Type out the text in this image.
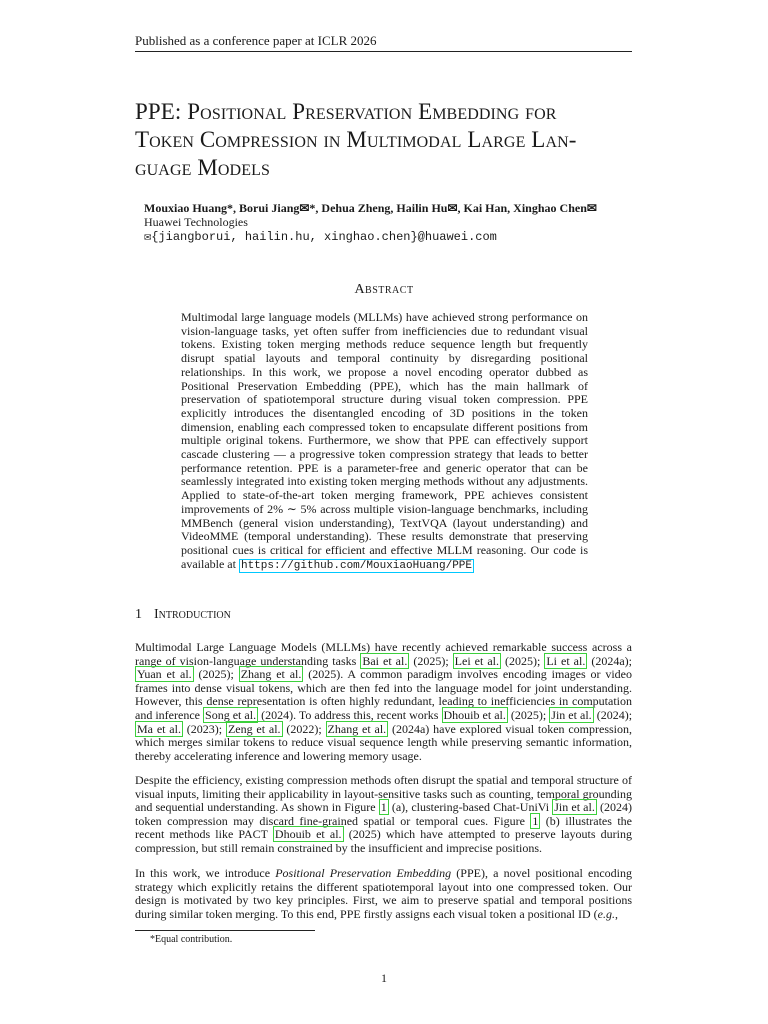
Published as a conference paper at ICLR 2026
PPE: Positional Preservation Embedding for
Token Compression in Multimodal Large Lan-
guage Models
Mouxiao Huang*, Borui Jiang✉*, Dehua Zheng, Hailin Hu✉, Kai Han, Xinghao Chen✉
Huawei Technologies
✉{jiangborui, hailin.hu, xinghao.chen}@huawei.com
Abstract
Multimodal large language models (MLLMs) have achieved strong performance on vision-language tasks, yet often suffer from inefficiencies due to redundant visual tokens. Existing token merging methods reduce sequence length but frequently disrupt spatial layouts and temporal continuity by disregarding positional relationships. In this work, we propose a novel encoding operator dubbed as Positional Preservation Embedding (PPE), which has the main hallmark of preservation of spatiotemporal structure during visual token compression. PPE explicitly introduces the disentangled encoding of 3D positions in the token dimension, enabling each compressed token to encapsulate different positions from multiple original tokens. Furthermore, we show that PPE can effectively support cascade clustering — a progressive token compression strategy that leads to better performance retention. PPE is a parameter-free and generic operator that can be seamlessly integrated into existing token merging methods without any adjustments. Applied to state-of-the-art token merging framework, PPE achieves consistent improvements of 2% ∼ 5% across multiple vision-language benchmarks, including MMBench (general vision understanding), TextVQA (layout understanding) and VideoMME (temporal understanding). These results demonstrate that preserving positional cues is critical for efficient and effective MLLM reasoning. Our code is available at https://github.com/MouxiaoHuang/PPE
1 Introduction
Multimodal Large Language Models (MLLMs) have recently achieved remarkable success across a range of vision-language understanding tasks Bai et al. (2025); Lei et al. (2025); Li et al. (2024a); Yuan et al. (2025); Zhang et al. (2025). A common paradigm involves encoding images or video frames into dense visual tokens, which are then fed into the language model for joint understanding. However, this dense representation is often highly redundant, leading to inefficiencies in computation and inference Song et al. (2024). To address this, recent works Dhouib et al. (2025); Jin et al. (2024); Ma et al. (2023); Zeng et al. (2022); Zhang et al. (2024a) have explored visual token compression, which merges similar tokens to reduce visual sequence length while preserving semantic information, thereby accelerating inference and lowering memory usage.
Despite the efficiency, existing compression methods often disrupt the spatial and temporal structure of visual inputs, limiting their applicability in layout-sensitive tasks such as counting, temporal grounding and sequential understanding. As shown in Figure 1 (a), clustering-based Chat-UniVi Jin et al. (2024) token compression may discard fine-grained spatial or temporal cues. Figure 1 (b) illustrates the recent methods like PACT Dhouib et al. (2025) which have attempted to preserve layouts during compression, but still remain constrained by the insufficient and imprecise positions.
In this work, we introduce Positional Preservation Embedding (PPE), a novel positional encoding strategy which explicitly retains the different spatiotemporal layout into one compressed token. Our design is motivated by two key principles. First, we aim to preserve spatial and temporal positions during similar token merging. To this end, PPE firstly assigns each visual token a positional ID (e.g.,
*Equal contribution.
1
